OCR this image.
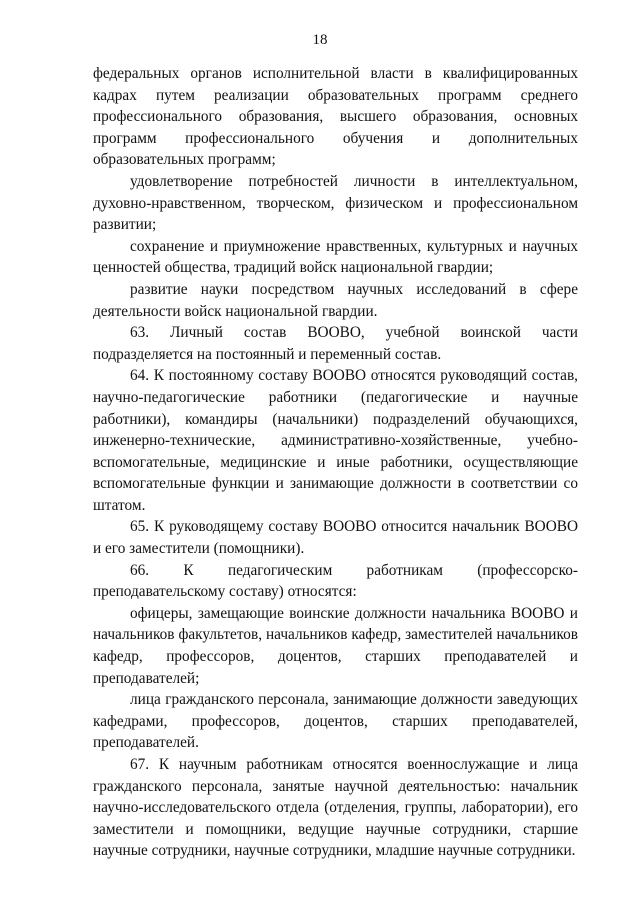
18

федеральных органов исполнительной власти в квалифицированных кадрах путем реализации образовательных программ среднего профессионального образования, высшего образования, основных программ профессионального обучения и дополнительных образовательных программ;

удовлетворение потребностей личности в интеллектуальном, духовно-нравственном, творческом, физическом и профессиональном развитии;

сохранение и приумножение нравственных, культурных и научных ценностей общества, традиций войск национальной гвардии;

развитие науки посредством научных исследований в сфере деятельности войск национальной гвардии.

63. Личный состав ВООВО, учебной воинской части подразделяется на постоянный и переменный состав.

64. К постоянному составу ВООВО относятся руководящий состав, научно-педагогические работники (педагогические и научные работники), командиры (начальники) подразделений обучающихся, инженерно-технические, административно-хозяйственные, учебно-вспомогательные, медицинские и иные работники, осуществляющие вспомогательные функции и занимающие должности в соответствии со штатом.

65. К руководящему составу ВООВО относится начальник ВООВО и его заместители (помощники).

66. К педагогическим работникам (профессорско-преподавательскому составу) относятся:

офицеры, замещающие воинские должности начальника ВООВО и начальников факультетов, начальников кафедр, заместителей начальников кафедр, профессоров, доцентов, старших преподавателей и преподавателей;

лица гражданского персонала, занимающие должности заведующих кафедрами, профессоров, доцентов, старших преподавателей, преподавателей.

67. К научным работникам относятся военнослужащие и лица гражданского персонала, занятые научной деятельностью: начальник научно-исследовательского отдела (отделения, группы, лаборатории), его заместители и помощники, ведущие научные сотрудники, старшие научные сотрудники, научные сотрудники, младшие научные сотрудники.
